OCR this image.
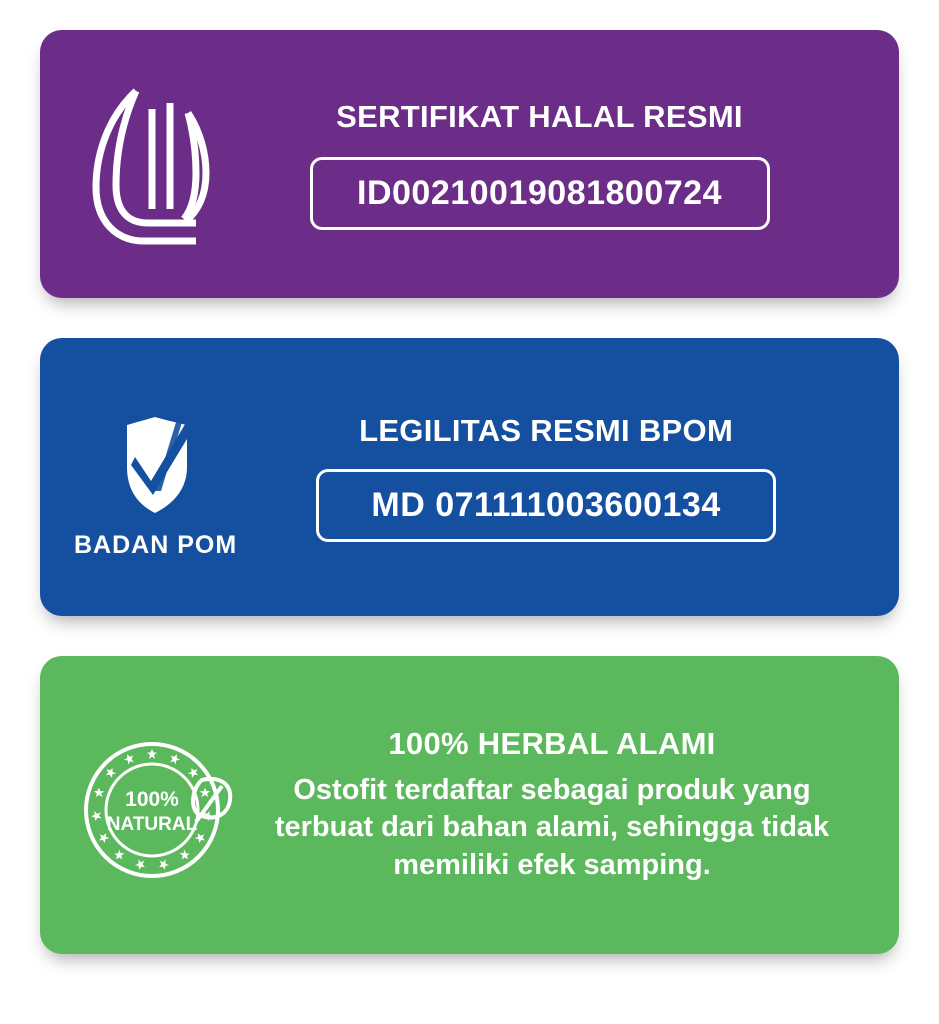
SERTIFIKAT HALAL RESMI
ID00210019081800724
BADAN POM
LEGILITAS RESMI BPOM
MD 071111003600134
100%
NATURAL
100% HERBAL ALAMI
Ostofit terdaftar sebagai produk yang terbuat dari bahan alami, sehingga tidak memiliki efek samping.
